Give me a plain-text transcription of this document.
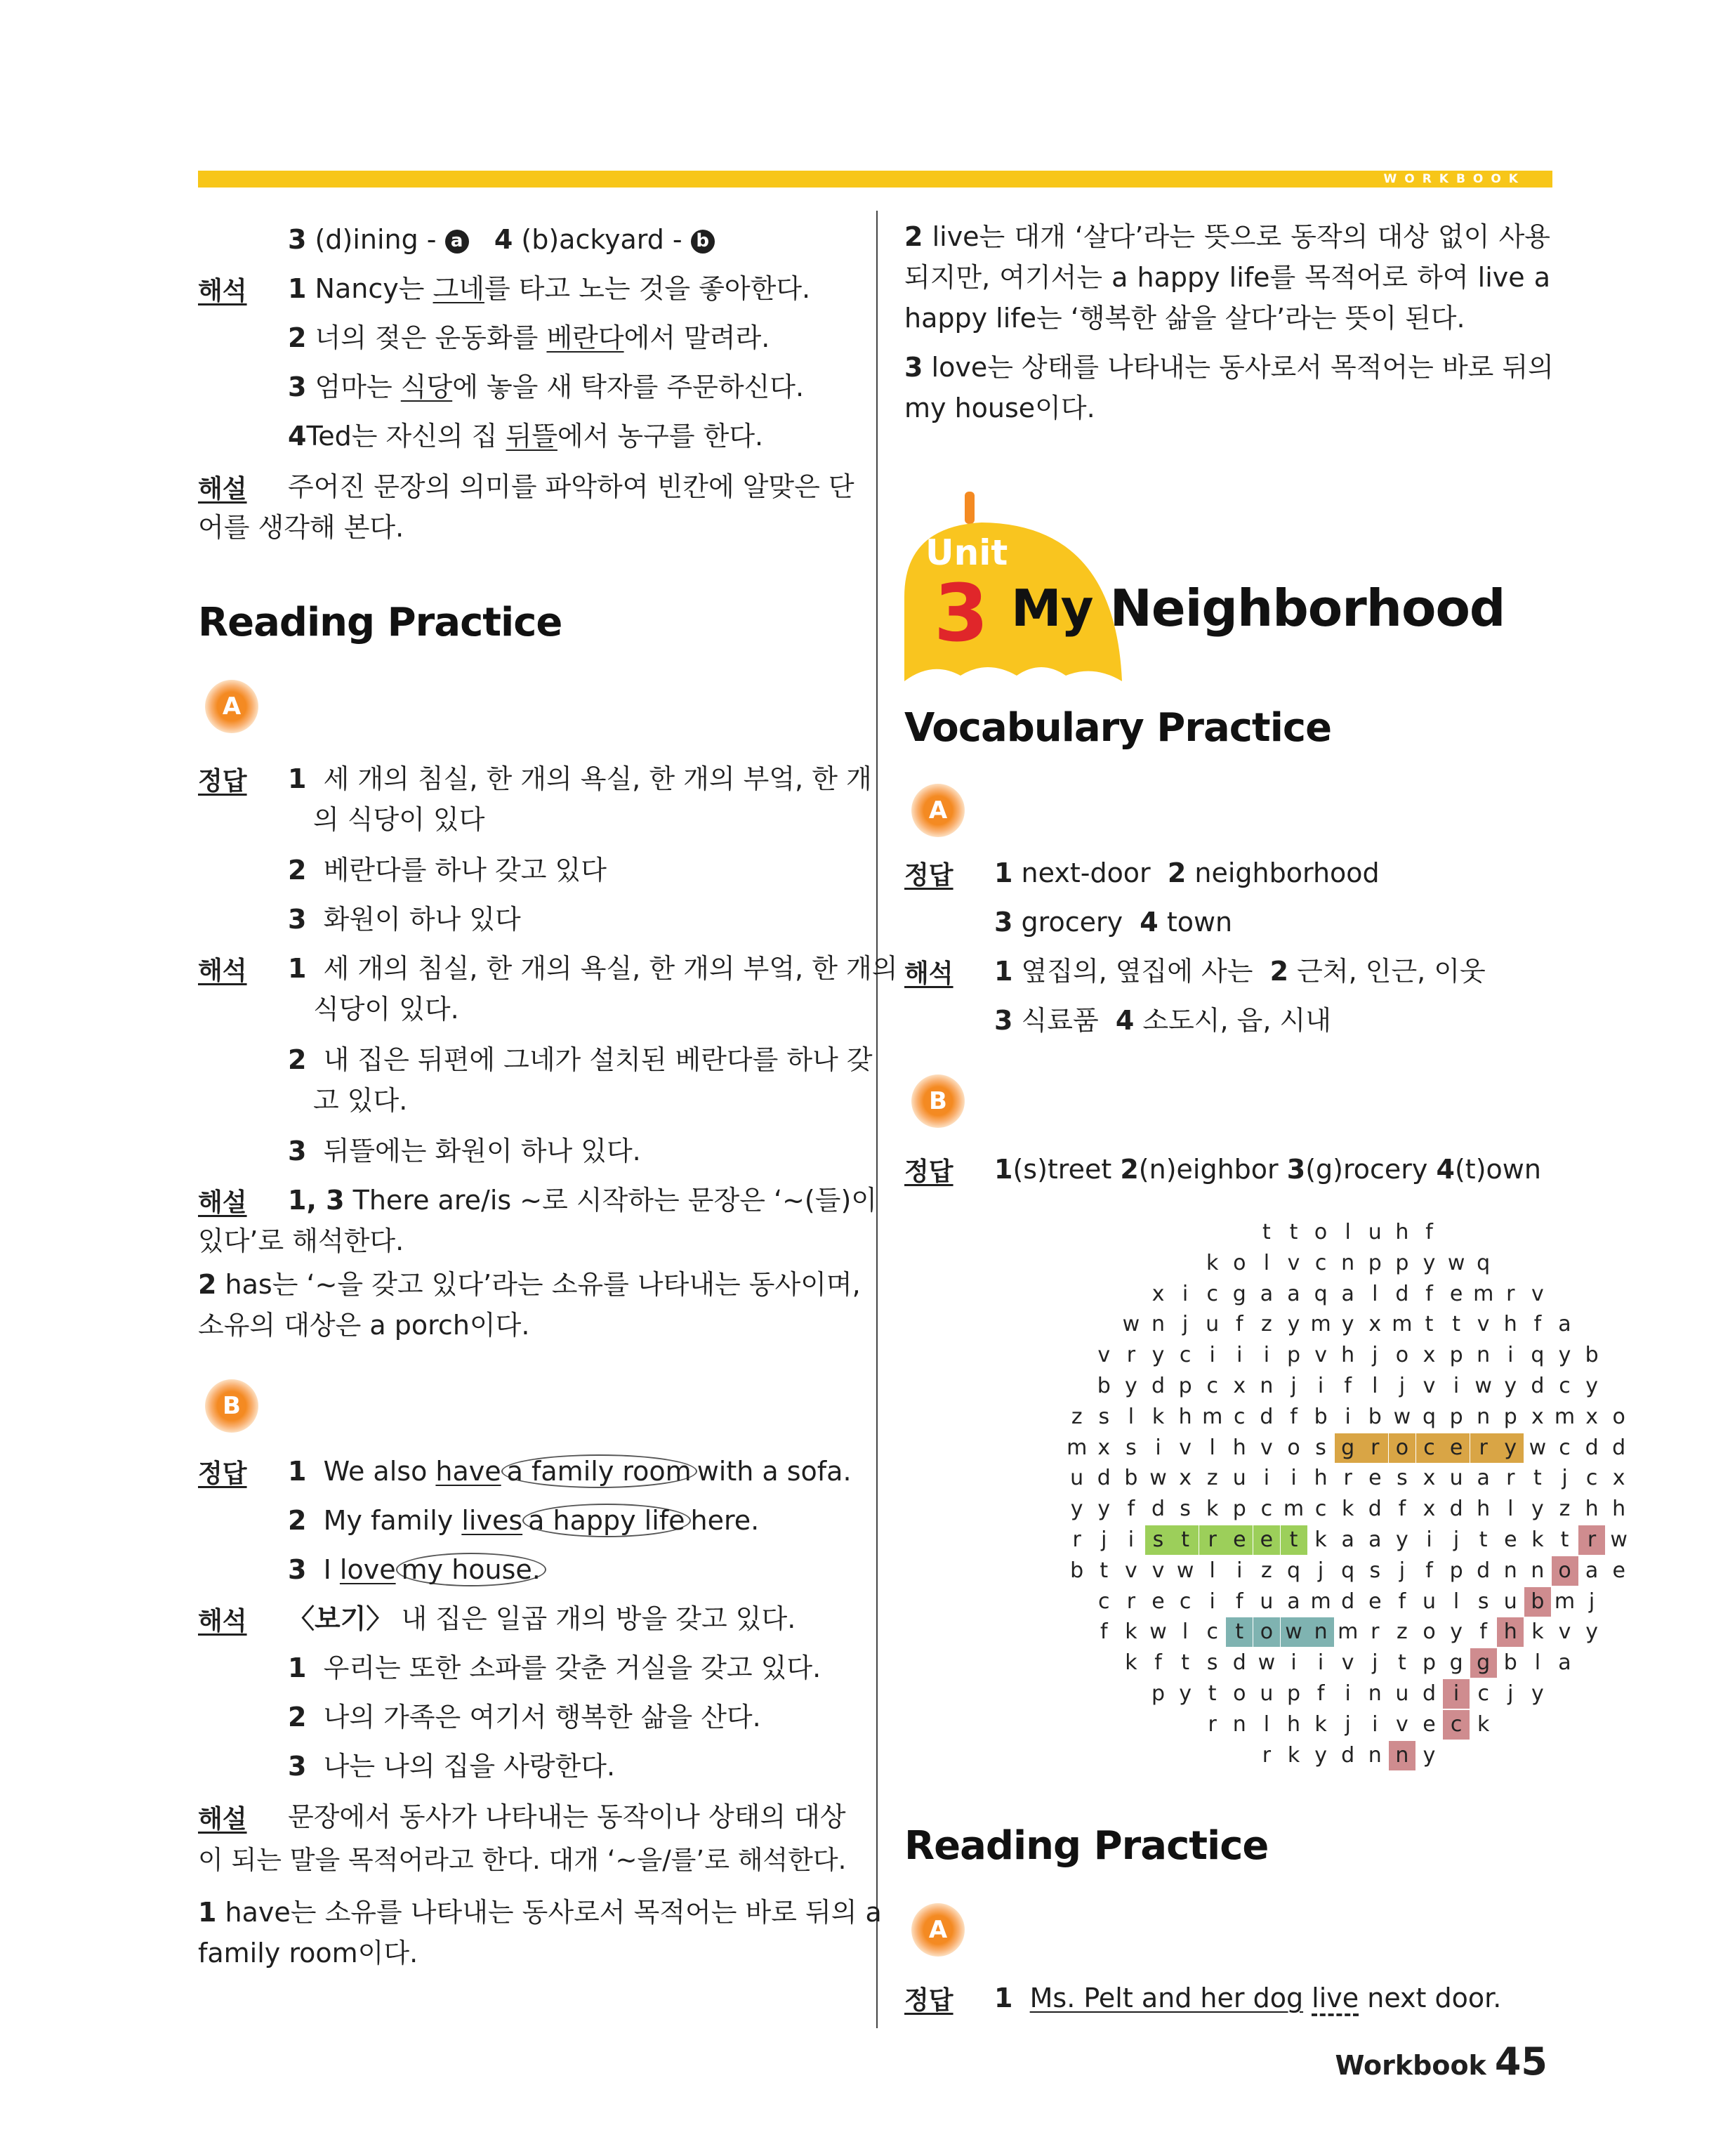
WORKBOOK
3 (d)ining - a 4 (b)ackyard - b
해석 1 Nancy는 그네를 타고 노는 것을 좋아한다.
2 너의 젖은 운동화를 베란다에서 말려라.
3 엄마는 식당에 놓을 새 탁자를 주문하신다.
4Ted는 자신의 집 뒤뜰에서 농구를 한다.
해설 주어진 문장의 의미를 파악하여 빈칸에 알맞은 단
어를 생각해 본다.
Reading Practice
A
정답 1 세 개의 침실, 한 개의 욕실, 한 개의 부엌, 한 개
의 식당이 있다
2 베란다를 하나 갖고 있다
3 화원이 하나 있다
해석 1 세 개의 침실, 한 개의 욕실, 한 개의 부엌, 한 개의
식당이 있다.
2 내 집은 뒤편에 그네가 설치된 베란다를 하나 갖
고 있다.
3 뒤뜰에는 화원이 하나 있다.
해설 1, 3 There are/is ~로 시작하는 문장은 ‘~(들)이
있다’로 해석한다.
2 has는 ‘~을 갖고 있다’라는 소유를 나타내는 동사이며,
소유의 대상은 a porch이다.
B
정답 1 We also have a family room with a sofa.
2 My family lives a happy life here.
3 I love my house.
해석 〈보기〉 내 집은 일곱 개의 방을 갖고 있다.
1 우리는 또한 소파를 갖춘 거실을 갖고 있다.
2 나의 가족은 여기서 행복한 삶을 산다.
3 나는 나의 집을 사랑한다.
해설 문장에서 동사가 나타내는 동작이나 상태의 대상
이 되는 말을 목적어라고 한다. 대개 ‘~을/를’로 해석한다.
1 have는 소유를 나타내는 동사로서 목적어는 바로 뒤의 a
family room이다.
2 live는 대개 ‘살다’라는 뜻으로 동작의 대상 없이 사용
되지만, 여기서는 a happy life를 목적어로 하여 live a
happy life는 ‘행복한 삶을 살다’라는 뜻이 된다.
3 love는 상태를 나타내는 동사로서 목적어는 바로 뒤의
my house이다.
Unit
3 My Neighborhood
Vocabulary Practice
A
정답 1 next-door 2 neighborhood
3 grocery 4 town
해석 1 옆집의, 옆집에 사는 2 근처, 인근, 이웃
3 식료품 4 소도시, 읍, 시내
B
정답 1(s)treet 2(n)eighbor 3(g)rocery 4(t)own
t t o l u h f
k o l v c n p p y w q
x i c g a a q a l d f e m r v
w n j u f z y m y x m t t v h f a
v r y c i	i	i p v h j o x p n i q y b
b y d p c x n j	i f l	j v i w y d c y
z s l k h m c d f b i b w q p n p x m x o
m x s i v l h v o s g r o c e r y w c d d
u d b w x z u i	i h r e s x u a r t j c x
y y f d s k p c m c k d f x d h l y z h h
r j	i s t r e e t k a a y i	j t e k t r w
b t v v w l	i z q j q s j f p d n n o a e
c r e c i f u a m d e f u l s u b m j
f k w l c t o w n m r z o y f h k v y
k f t s d w i	i v j t p g g b l a
p y t o u p f i n u d i c j y
r n l h k j	i v e c k
r k y d n n y
Reading Practice
A
정답 1 Ms. Pelt and her dog live next door.
Workbook 45
